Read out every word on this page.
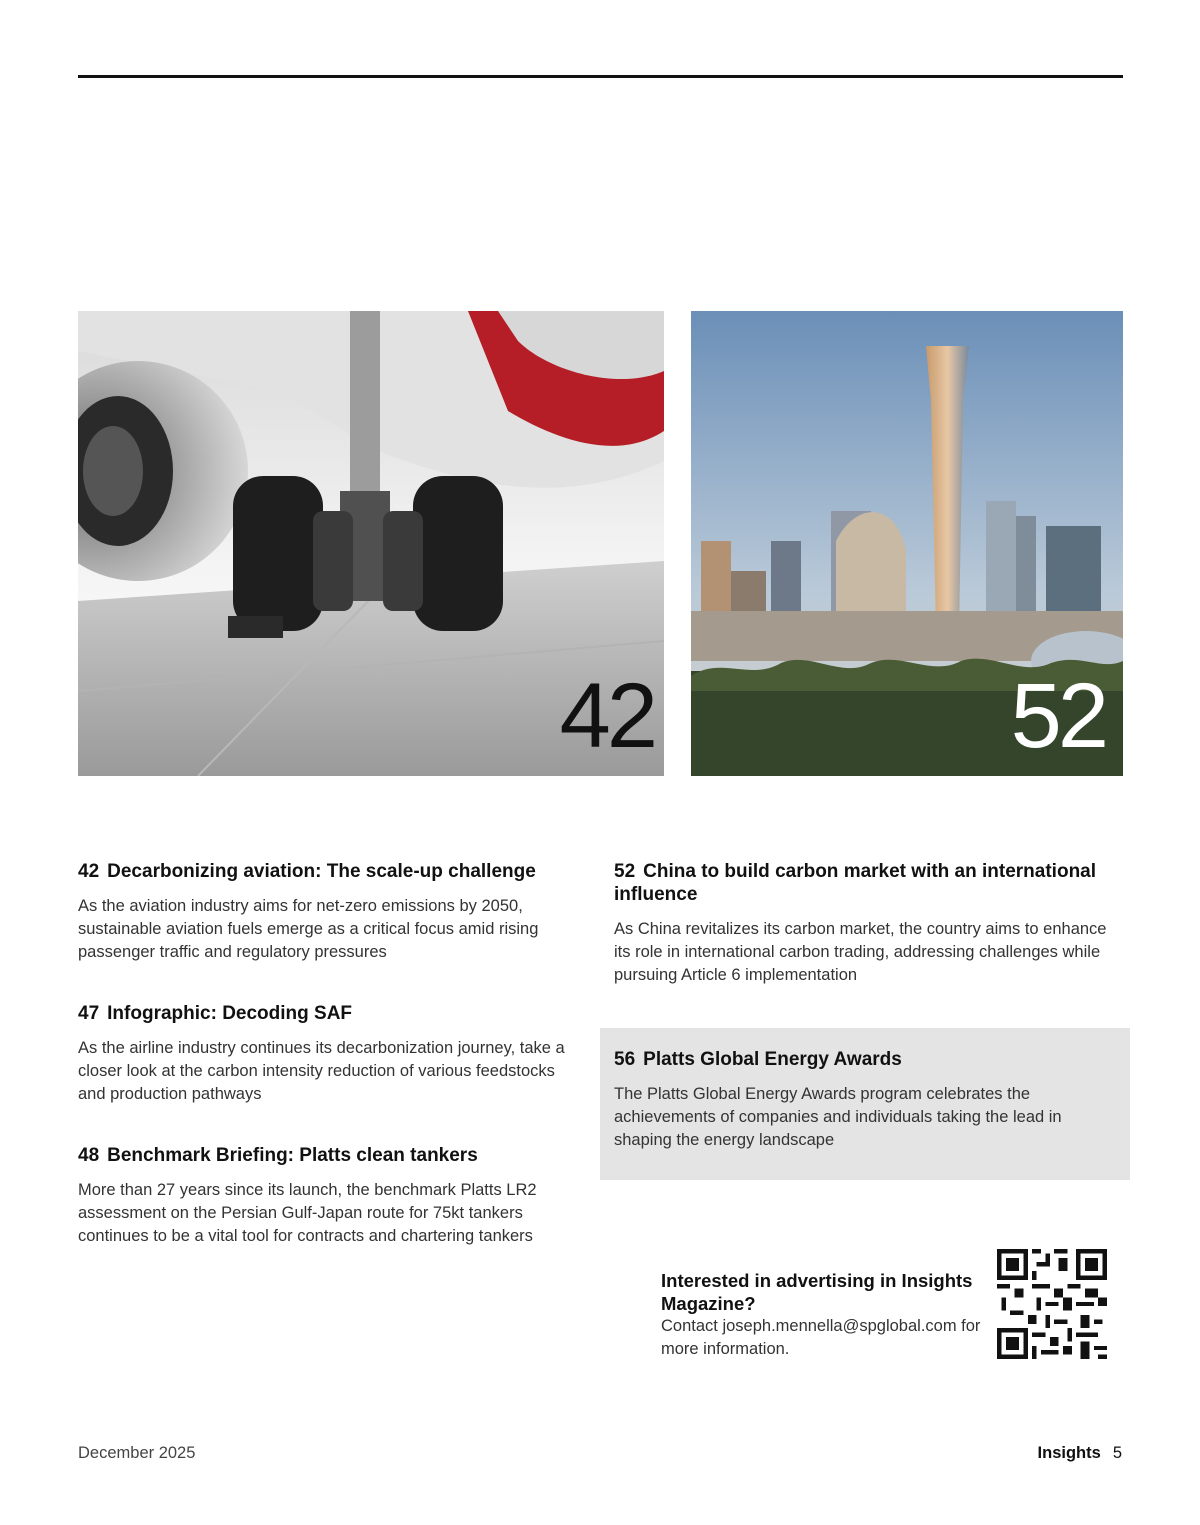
42	52
42 Decarbonizing aviation: The scale-up challenge

As the aviation industry aims for net-zero emissions by 2050, sustainable aviation fuels emerge as a critical focus amid rising passenger traffic and regulatory pressures

47 Infographic: Decoding SAF

As the airline industry continues its decarbonization journey, take a closer look at the carbon intensity reduction of various feedstocks and production pathways

48 Benchmark Briefing: Platts clean tankers

More than 27 years since its launch, the benchmark Platts LR2 assessment on the Persian Gulf-Japan route for 75kt tankers continues to be a vital tool for contracts and chartering tankers

52 China to build carbon market with an international influence

As China revitalizes its carbon market, the country aims to enhance its role in international carbon trading, addressing challenges while pursuing Article 6 implementation

56 Platts Global Energy Awards

The Platts Global Energy Awards program celebrates the achievements of companies and individuals taking the lead in shaping the energy landscape

Interested in advertising in Insights Magazine?
Contact joseph.mennella@spglobal.com for more information.
December 2025	Insights 5
